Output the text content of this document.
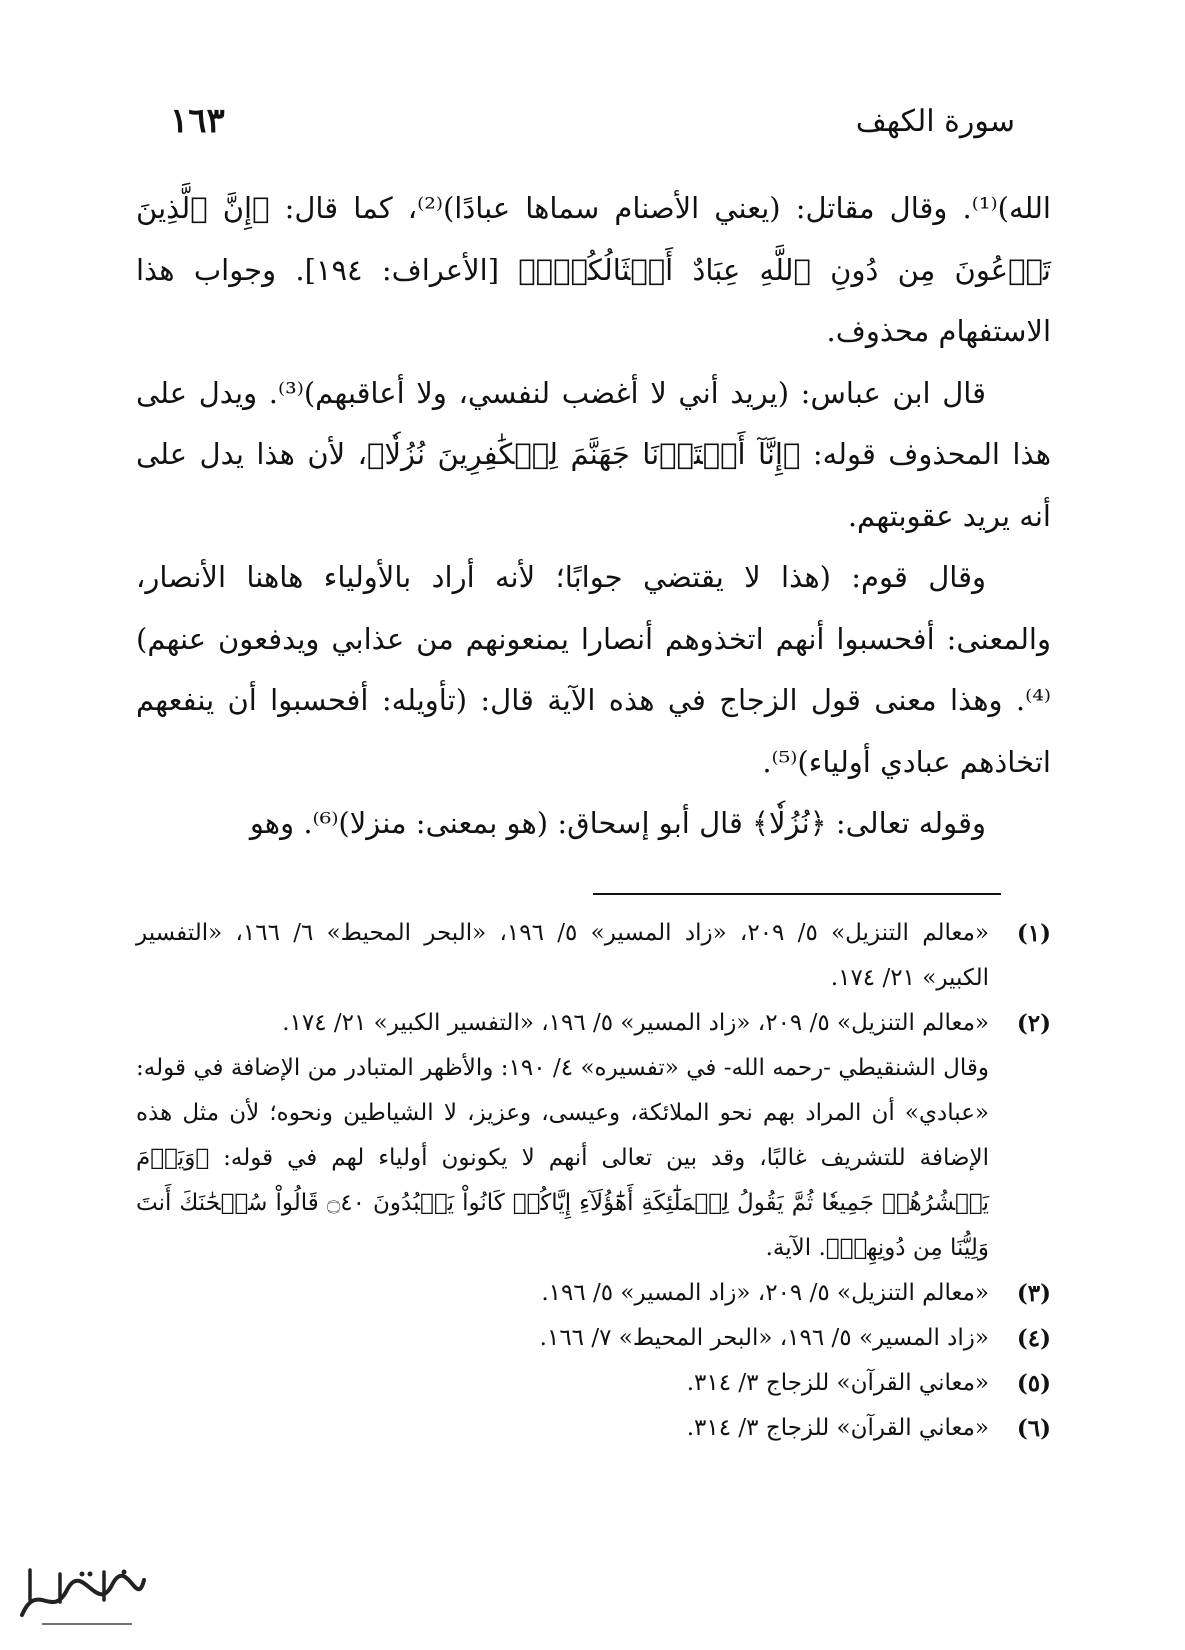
سورة الكهف
١٦٣

الله)⁽¹⁾. وقال مقاتل: (يعني الأصنام سماها عبادًا)⁽²⁾، كما قال: ﴿إِنَّ ٱلَّذِينَ تَدۡعُونَ مِن دُونِ ٱللَّهِ عِبَادٌ أَمۡثَالُكُمۡۖ﴾ [الأعراف: ١٩٤]. وجواب هذا الاستفهام محذوف.

قال ابن عباس: (يريد أني لا أغضب لنفسي، ولا أعاقبهم)⁽³⁾. ويدل على هذا المحذوف قوله: ﴿إِنَّآ أَعۡتَدۡنَا جَهَنَّمَ لِلۡكَٰفِرِينَ نُزُلٗا﴾، لأن هذا يدل على أنه يريد عقوبتهم.

وقال قوم: (هذا لا يقتضي جوابًا؛ لأنه أراد بالأولياء هاهنا الأنصار، والمعنى: أفحسبوا أنهم اتخذوهم أنصارا يمنعونهم من عذابي ويدفعون عنهم)⁽⁴⁾. وهذا معنى قول الزجاج في هذه الآية قال: (تأويله: أفحسبوا أن ينفعهم اتخاذهم عبادي أولياء)⁽⁵⁾.

وقوله تعالى: ﴿نُزُلٗا﴾ قال أبو إسحاق: (هو بمعنى: منزلا)⁽⁶⁾. وهو

(١)

«معالم التنزيل» ٥/ ٢٠٩، «زاد المسير» ٥/ ١٩٦، «البحر المحيط» ٦/ ١٦٦، «التفسير الكبير» ٢١/ ١٧٤.

(٢)

«معالم التنزيل» ٥/ ٢٠٩، «زاد المسير» ٥/ ١٩٦، «التفسير الكبير» ٢١/ ١٧٤.

وقال الشنقيطي -رحمه الله- في «تفسيره» ٤/ ١٩٠: والأظهر المتبادر من الإضافة في قوله: «عبادي» أن المراد بهم نحو الملائكة، وعيسى، وعزيز، لا الشياطين ونحوه؛ لأن مثل هذه الإضافة للتشريف غالبًا، وقد بين تعالى أنهم لا يكونون أولياء لهم في قوله: ﴿وَيَوۡمَ يَحۡشُرُهُمۡ جَمِيعٗا ثُمَّ يَقُولُ لِلۡمَلَٰٓئِكَةِ أَهَٰٓؤُلَآءِ إِيَّاكُمۡ كَانُواْ يَعۡبُدُونَ ۝٤٠ قَالُواْ سُبۡحَٰنَكَ أَنتَ وَلِيُّنَا مِن دُونِهِمۖ﴾. الآية.

(٣)

«معالم التنزيل» ٥/ ٢٠٩، «زاد المسير» ٥/ ١٩٦.

(٤)

«زاد المسير» ٥/ ١٩٦، «البحر المحيط» ٧/ ١٦٦.

(٥)

«معاني القرآن» للزجاج ٣/ ٣١٤.

(٦)

«معاني القرآن» للزجاج ٣/ ٣١٤.
